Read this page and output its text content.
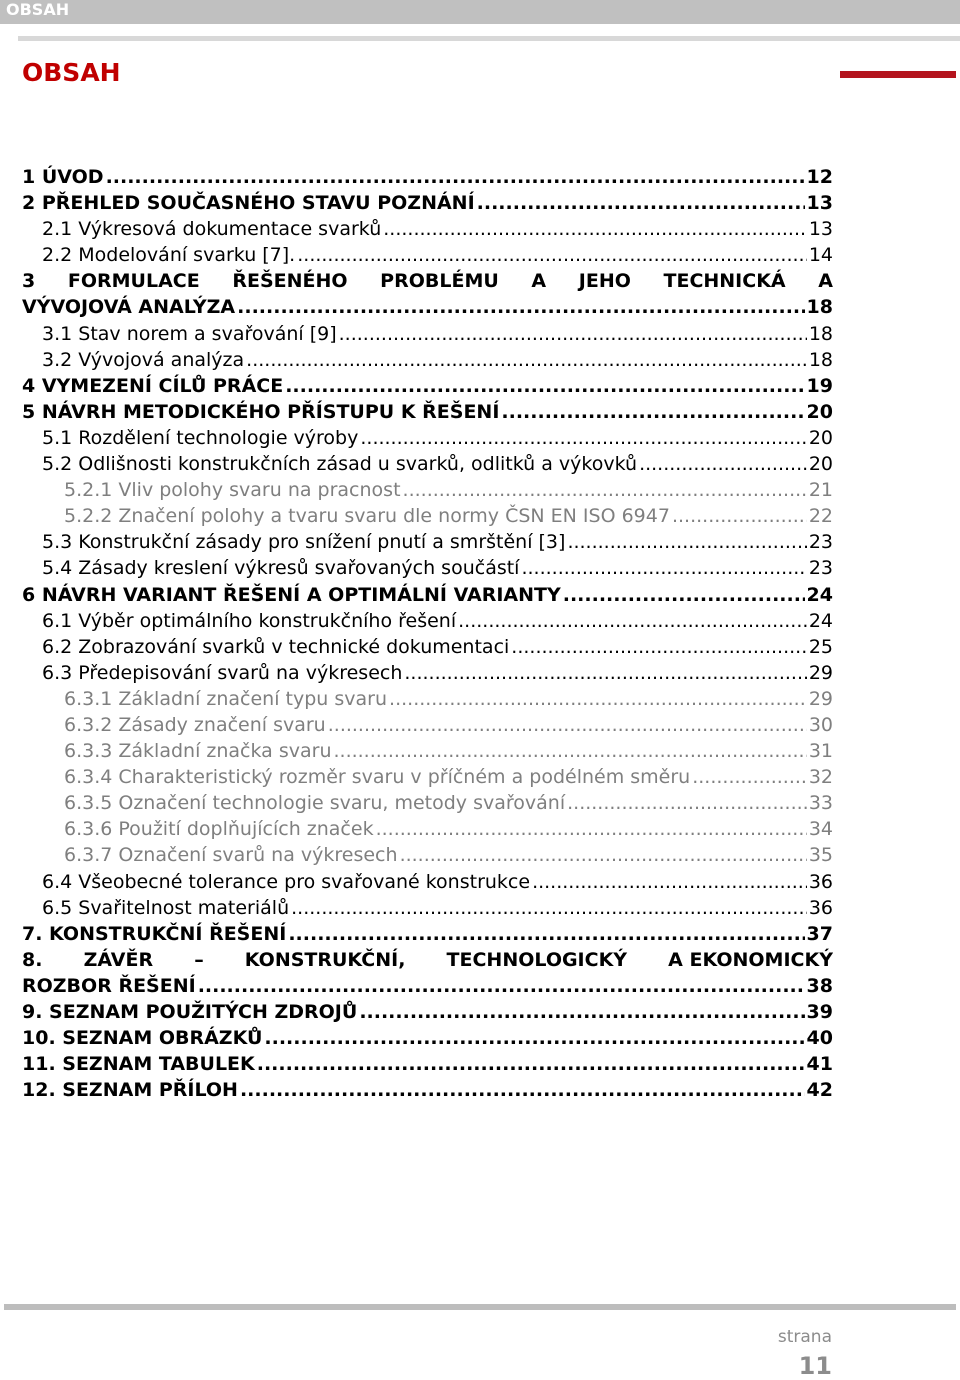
OBSAH
OBSAH
1 ÚVOD .....	12
2 PŘEHLED SOUČASNÉHO STAVU POZNÁNÍ .....	13
2.1 Výkresová dokumentace svarků .....	13
2.2 Modelování svarku [7]. .....	14
3 FORMULACE ŘEŠENÉHO PROBLÉMU A JEHO TECHNICKÁ A
VÝVOJOVÁ ANALÝZA .....	18
3.1 Stav norem a svařování [9] .....	18
3.2 Vývojová analýza .....	18
4 VYMEZENÍ CÍLŮ PRÁCE .....	19
5 NÁVRH METODICKÉHO PŘÍSTUPU K ŘEŠENÍ .....	20
5.1 Rozdělení technologie výroby .....	20
5.2 Odlišnosti konstrukčních zásad u svarků, odlitků a výkovků .....	20
5.2.1 Vliv polohy svaru na pracnost .....	21
5.2.2 Značení polohy a tvaru svaru dle normy ČSN EN ISO 6947 .....	22
5.3 Konstrukční zásady pro snížení pnutí a smrštění [3] .....	23
5.4 Zásady kreslení výkresů svařovaných součástí .....	23
6 NÁVRH VARIANT ŘEŠENÍ A OPTIMÁLNÍ VARIANTY .....	24
6.1 Výběr optimálního konstrukčního řešení .....	24
6.2 Zobrazování svarků v technické dokumentaci .....	25
6.3 Předepisování svarů na výkresech .....	29
6.3.1 Základní značení typu svaru .....	29
6.3.2 Zásady značení svaru .....	30
6.3.3 Základní značka svaru .....	31
6.3.4 Charakteristický rozměr svaru v příčném a podélném směru .....	32
6.3.5 Označení technologie svaru, metody svařování .....	33
6.3.6 Použití doplňujících značek .....	34
6.3.7 Označení svarů na výkresech .....	35
6.4 Všeobecné tolerance pro svařované konstrukce .....	36
6.5 Svařitelnost materiálů .....	36
7. KONSTRUKČNÍ ŘEŠENÍ .....	37
8. ZÁVĚR – KONSTRUKČNÍ, TECHNOLOGICKÝ A EKONOMICKÝ
ROZBOR ŘEŠENÍ .....	38
9. SEZNAM POUŽITÝCH ZDROJŮ .....	39
10. SEZNAM OBRÁZKŮ .....	40
11. SEZNAM TABULEK .....	41
12. SEZNAM PŘÍLOH .....	42
strana
11
